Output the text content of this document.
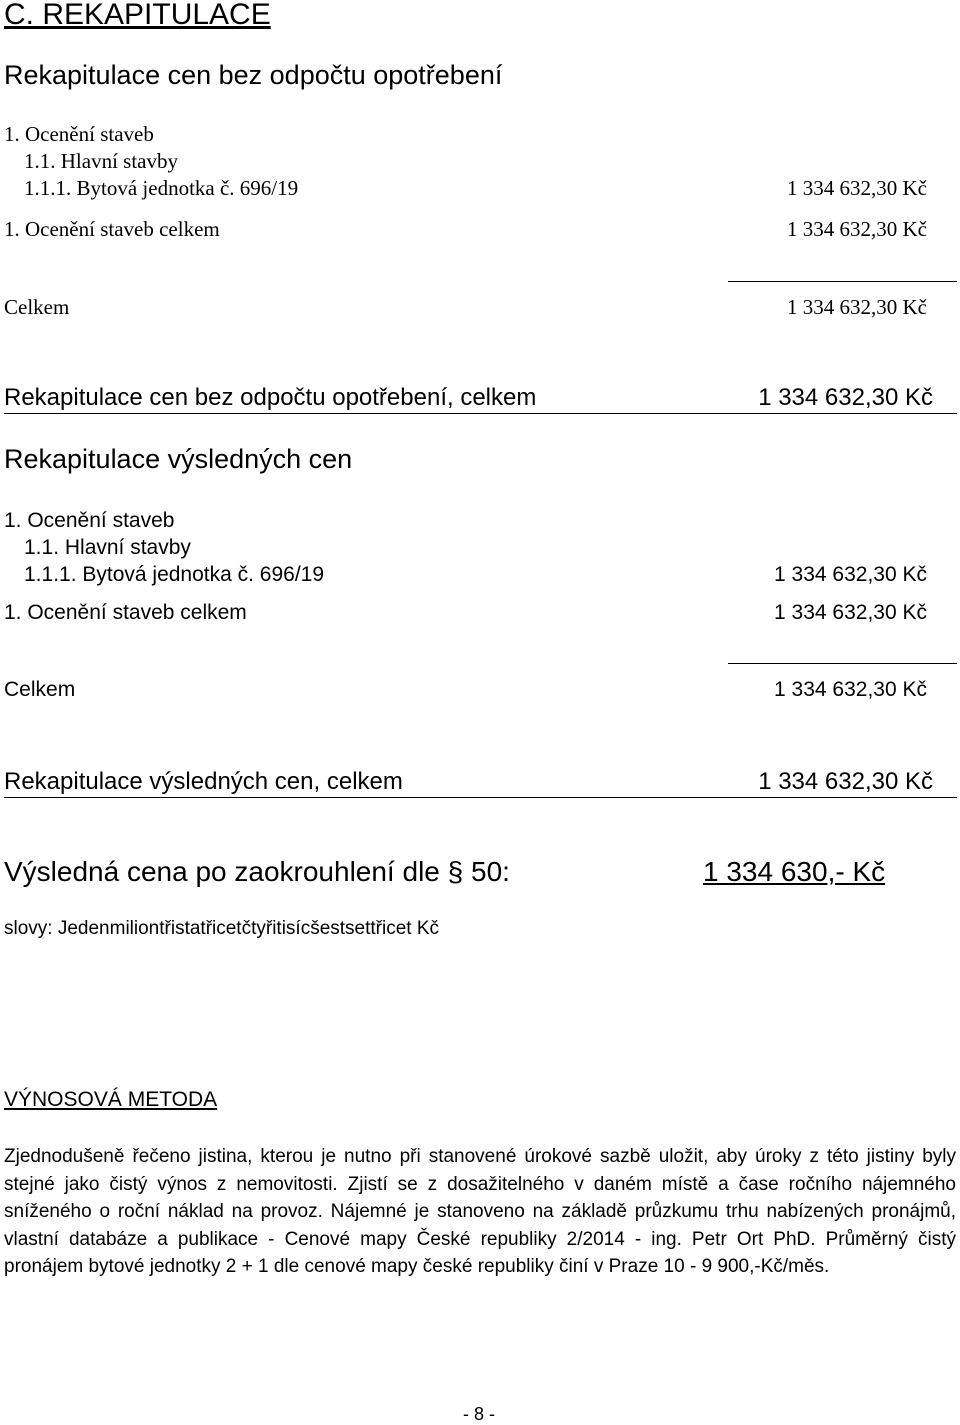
C. REKAPITULACE
Rekapitulace cen bez odpočtu opotřebení
1. Ocenění staveb
1.1. Hlavní stavby
1.1.1. Bytová jednotka č. 696/19	1 334 632,30 Kč
1. Ocenění staveb celkem	1 334 632,30 Kč
Celkem	1 334 632,30 Kč
Rekapitulace cen bez odpočtu opotřebení, celkem	1 334 632,30 Kč
Rekapitulace výsledných cen
1. Ocenění staveb
1.1. Hlavní stavby
1.1.1. Bytová jednotka č. 696/19	1 334 632,30 Kč
1. Ocenění staveb celkem	1 334 632,30 Kč
Celkem	1 334 632,30 Kč
Rekapitulace výsledných cen, celkem	1 334 632,30 Kč
Výsledná cena po zaokrouhlení dle § 50:	1 334 630,- Kč
slovy: Jedenmiliontřistatřicetčtyřitisícšestsettřicet Kč
VÝNOSOVÁ METODA
Zjednodušeně řečeno jistina, kterou je nutno při stanovené úrokové sazbě uložit, aby úroky z této jistiny byly stejné jako čistý výnos z nemovitosti. Zjistí se z dosažitelného v daném místě a čase ročního nájemného sníženého o roční náklad na provoz. Nájemné je stanoveno na základě průzkumu trhu nabízených pronájmů, vlastní databáze a publikace - Cenové mapy České republiky 2/2014 - ing. Petr Ort PhD. Průměrný čistý pronájem bytové jednotky 2 + 1 dle cenové mapy české republiky činí v Praze 10 - 9 900,-Kč/měs.
- 8 -
